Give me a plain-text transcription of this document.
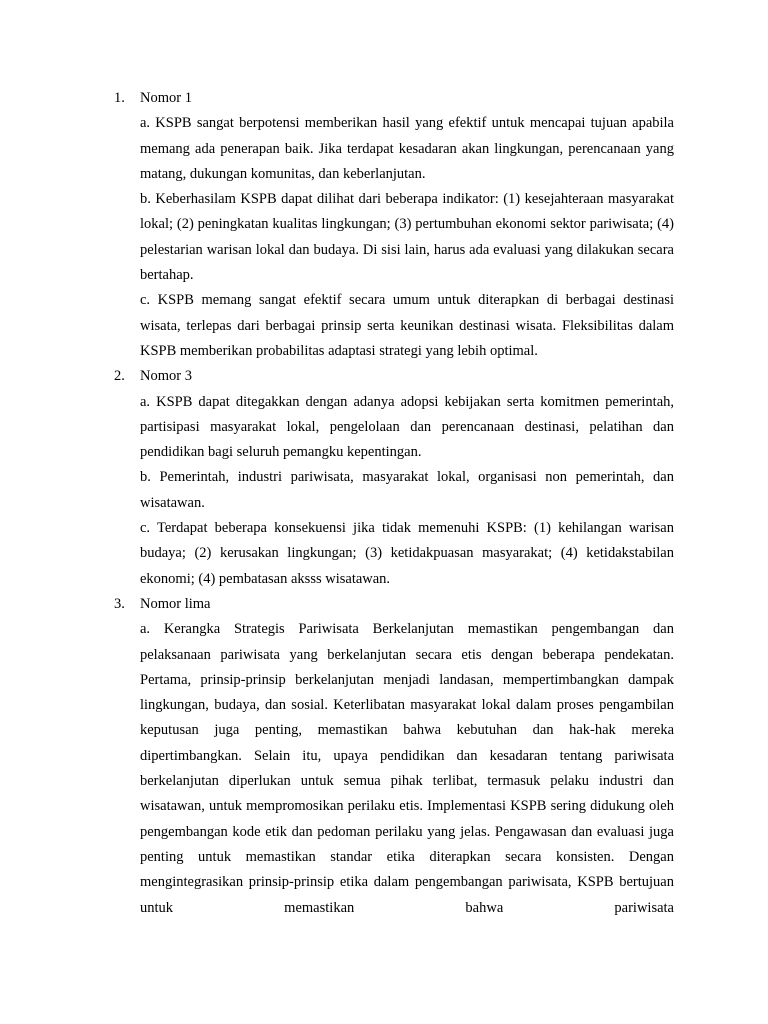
1.	Nomor 1

a. KSPB sangat berpotensi memberikan hasil yang efektif untuk mencapai tujuan apabila memang ada penerapan baik. Jika terdapat kesadaran akan lingkungan, perencanaan yang matang, dukungan komunitas, dan keberlanjutan.

b. Keberhasilam KSPB dapat dilihat dari beberapa indikator: (1) kesejahteraan masyarakat lokal; (2) peningkatan kualitas lingkungan; (3) pertumbuhan ekonomi sektor pariwisata; (4) pelestarian warisan lokal dan budaya. Di sisi lain, harus ada evaluasi yang dilakukan secara bertahap.

c. KSPB memang sangat efektif secara umum untuk diterapkan di berbagai destinasi wisata, terlepas dari berbagai prinsip serta keunikan destinasi wisata. Fleksibilitas dalam KSPB memberikan probabilitas adaptasi strategi yang lebih optimal.

2.	Nomor 3

a. KSPB dapat ditegakkan dengan adanya adopsi kebijakan serta komitmen pemerintah, partisipasi masyarakat lokal, pengelolaan dan perencanaan destinasi, pelatihan dan pendidikan bagi seluruh pemangku kepentingan.

b. Pemerintah, industri pariwisata, masyarakat lokal, organisasi non pemerintah, dan wisatawan.

c. Terdapat beberapa konsekuensi jika tidak memenuhi KSPB: (1) kehilangan warisan budaya; (2) kerusakan lingkungan; (3) ketidakpuasan masyarakat; (4) ketidakstabilan ekonomi; (4) pembatasan aksss wisatawan.

3.	Nomor lima

a. Kerangka Strategis Pariwisata Berkelanjutan memastikan pengembangan dan pelaksanaan pariwisata yang berkelanjutan secara etis dengan beberapa pendekatan. Pertama, prinsip-prinsip berkelanjutan menjadi landasan, mempertimbangkan dampak lingkungan, budaya, dan sosial. Keterlibatan masyarakat lokal dalam proses pengambilan keputusan juga penting, memastikan bahwa kebutuhan dan hak-hak mereka dipertimbangkan. Selain itu, upaya pendidikan dan kesadaran tentang pariwisata berkelanjutan diperlukan untuk semua pihak terlibat, termasuk pelaku industri dan wisatawan, untuk mempromosikan perilaku etis. Implementasi KSPB sering didukung oleh pengembangan kode etik dan pedoman perilaku yang jelas. Pengawasan dan evaluasi juga penting untuk memastikan standar etika diterapkan secara konsisten. Dengan mengintegrasikan prinsip-prinsip etika dalam pengembangan pariwisata, KSPB bertujuan untuk memastikan bahwa pariwisata
